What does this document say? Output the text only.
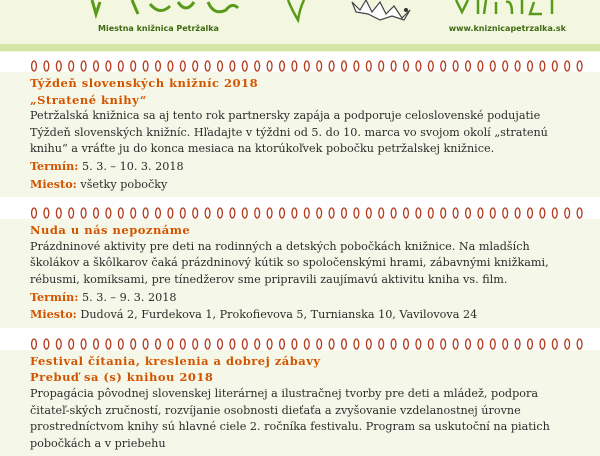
Miestna knižnica Petržalka	www.kniznicapetrzalka.sk
Týždeň slovenských knižníc 2018
„Stratené knihy“
Petržalská knižnica sa aj tento rok partnersky zapája a podporuje celoslovenské podujatie Týždeň slovenských knižníc. Hľadajte v týždni od 5. do 10. marca vo svojom okolí „stratenú knihu“ a vráťte ju do konca mesiaca na ktorúkoľvek pobočku petržalskej knižnice.
Termín: 5. 3. – 10. 3. 2018
Miesto: všetky pobočky
Nuda u nás nepoznáme
Prázdninové aktivity pre deti na rodinných a detských pobočkách knižnice. Na mladších školákov a škôlkarov čaká prázdninový kútik so spoločenskými hrami, zábavnými knižkami, rébusmi, komiksami, pre tínedžerov sme pripravili zaujímavú aktivitu kniha vs. film.
Termín: 5. 3. – 9. 3. 2018
Miesto: Dudová 2, Furdekova 1, Prokofievova 5, Turnianska 10, Vavilovova 24
Festival čítania, kreslenia a dobrej zábavy
Prebuď sa (s) knihou 2018
Propagácia pôvodnej slovenskej literárnej a ilustračnej tvorby pre deti a mládež, podpora čitateľ-ských zručností, rozvíjanie osobnosti dieťaťa a zvyšovanie vzdelanostnej úrovne prostredníctvom knihy sú hlavné ciele 2. ročníka festivalu. Program sa uskutoční na piatich pobočkách a v priebehu
